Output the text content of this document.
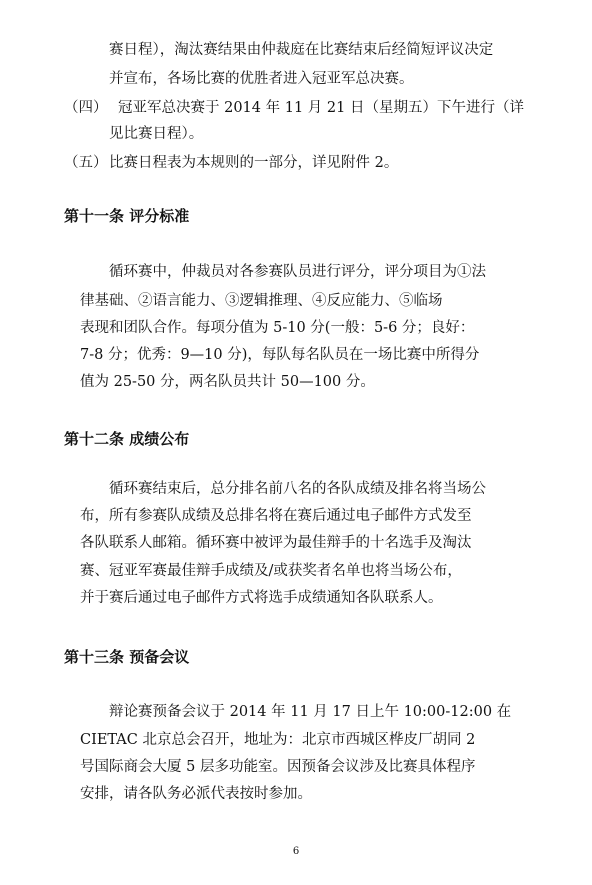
赛日程），淘汰赛结果由仲裁庭在比赛结束后经简短评议决定
并宣布，各场比赛的优胜者进入冠亚军总决赛。
（四） 冠亚军总决赛于 2014 年 11 月 21 日（星期五）下午进行（详
见比赛日程）。
（五） 比赛日程表为本规则的一部分，详见附件 2。
第十一条 评分标准
循环赛中，仲裁员对各参赛队员进行评分，评分项目为①法
律基础、②语言能力、③逻辑推理、④反应能力、⑤临场
表现和团队合作。每项分值为 5-10 分(一般：5-6 分；良好：
7-8 分；优秀：9—10 分)，每队每名队员在一场比赛中所得分
值为 25-50 分，两名队员共计 50—100 分。
第十二条 成绩公布
循环赛结束后，总分排名前八名的各队成绩及排名将当场公
布，所有参赛队成绩及总排名将在赛后通过电子邮件方式发至
各队联系人邮箱。循环赛中被评为最佳辩手的十名选手及淘汰
赛、冠亚军赛最佳辩手成绩及/或获奖者名单也将当场公布，
并于赛后通过电子邮件方式将选手成绩通知各队联系人。
第十三条 预备会议
辩论赛预备会议于 2014 年 11 月 17 日上午 10:00-12:00 在
CIETAC 北京总会召开，地址为：北京市西城区桦皮厂胡同 2
号国际商会大厦 5 层多功能室。因预备会议涉及比赛具体程序
安排，请各队务必派代表按时参加。
6
